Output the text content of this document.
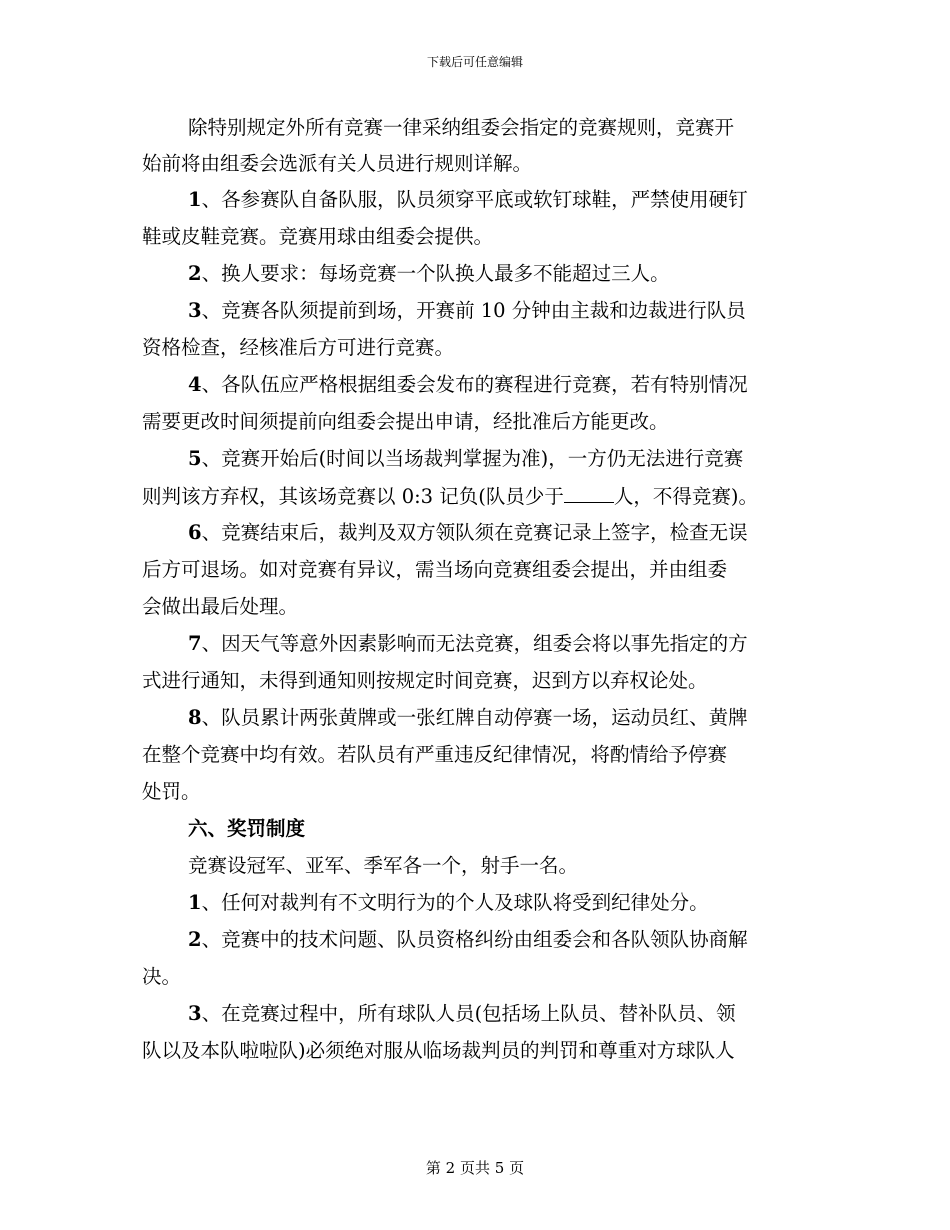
下载后可任意编辑
除特别规定外所有竞赛一律采纳组委会指定的竞赛规则，竞赛开
始前将由组委会选派有关人员进行规则详解。
1、各参赛队自备队服，队员须穿平底或软钉球鞋，严禁使用硬钉
鞋或皮鞋竞赛。竞赛用球由组委会提供。
2、换人要求：每场竞赛一个队换人最多不能超过三人。
3、竞赛各队须提前到场，开赛前 10 分钟由主裁和边裁进行队员
资格检查，经核准后方可进行竞赛。
4、各队伍应严格根据组委会发布的赛程进行竞赛，若有特别情况
需要更改时间须提前向组委会提出申请，经批准后方能更改。
5、竞赛开始后(时间以当场裁判掌握为准)，一方仍无法进行竞赛
则判该方弃权，其该场竞赛以 0:3 记负(队员少于	人，不得竞赛)。
6、竞赛结束后，裁判及双方领队须在竞赛记录上签字，检查无误
后方可退场。如对竞赛有异议，需当场向竞赛组委会提出，并由组委
会做出最后处理。
7、因天气等意外因素影响而无法竞赛，组委会将以事先指定的方
式进行通知，未得到通知则按规定时间竞赛，迟到方以弃权论处。
8、队员累计两张黄牌或一张红牌自动停赛一场，运动员红、黄牌
在整个竞赛中均有效。若队员有严重违反纪律情况，将酌情给予停赛
处罚。
六、奖罚制度
竞赛设冠军、亚军、季军各一个，射手一名。
1、任何对裁判有不文明行为的个人及球队将受到纪律处分。
2、竞赛中的技术问题、队员资格纠纷由组委会和各队领队协商解
决。
3、在竞赛过程中，所有球队人员(包括场上队员、替补队员、领
队以及本队啦啦队)必须绝对服从临场裁判员的判罚和尊重对方球队人
第 2 页共 5 页
